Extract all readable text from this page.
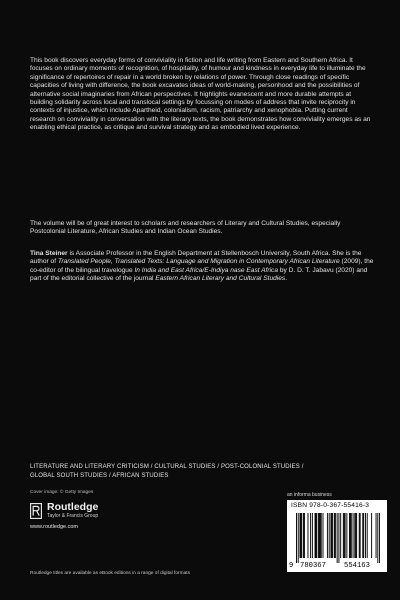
This book discovers everyday forms of conviviality in fiction and life writing from Eastern and Southern Africa. It focuses on ordinary moments of recognition, of hospitality, of humour and kindness in everyday life to illuminate the significance of repertoires of repair in a world broken by relations of power. Through close readings of specific capacities of living with difference, the book excavates ideas of world-making, personhood and the possibilities of alternative social imaginaries from African perspectives. It highlights evanescent and more durable attempts at building solidarity across local and translocal settings by focussing on modes of address that invite reciprocity in contexts of injustice, which include Apartheid, colonialism, racism, patriarchy and xenophobia. Putting current research on conviviality in conversation with the literary texts, the book demonstrates how conviviality emerges as an enabling ethical practice, as critique and survival strategy and as embodied lived experience.

The volume will be of great interest to scholars and researchers of Literary and Cultural Studies, especially Postcolonial Literature, African Studies and Indian Ocean Studies.

Tina Steiner is Associate Professor in the English Department at Stellenbosch University, South Africa. She is the author of Translated People, Translated Texts: Language and Migration in Contemporary African Literature (2009), the co-editor of the bilingual travelogue In India and East Africa/E-Indiya nase East Africa by D. D. T. Jabavu (2020) and part of the editorial collective of the journal Eastern African Literary and Cultural Studies.

LITERATURE AND LITERARY CRITICISM / CULTURAL STUDIES / POST-COLONIAL STUDIES /
GLOBAL SOUTH STUDIES / AFRICAN STUDIES
Cover image: © Getty Images
Routledge
Taylor & Francis Group
www.routledge.com
Routledge titles are available as eBook editions in a range of digital formats
an informa business
ISBN 978-0-367-55416-3
9 780367	554163
